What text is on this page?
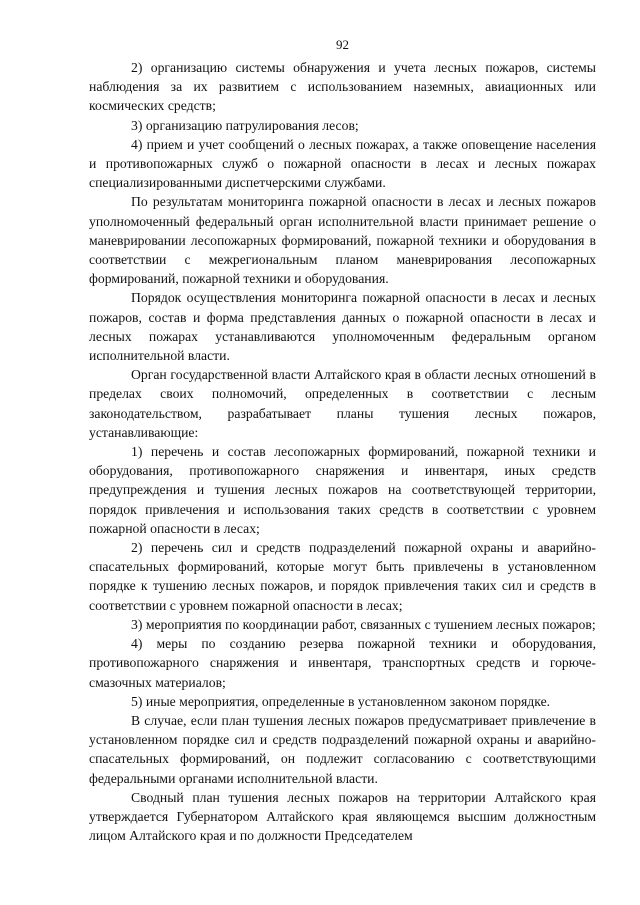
92

2) организацию системы обнаружения и учета лесных пожаров, системы наблюдения за их развитием с использованием наземных, авиационных или космических средств;

3) организацию патрулирования лесов;

4) прием и учет сообщений о лесных пожарах, а также оповещение населения и противопожарных служб о пожарной опасности в лесах и лесных пожарах специализированными диспетчерскими службами.

По результатам мониторинга пожарной опасности в лесах и лесных пожаров уполномоченный федеральный орган исполнительной власти принимает решение о маневрировании лесопожарных формирований, пожарной техники и оборудования в соответствии с межрегиональным планом маневрирования лесопожарных формирований, пожарной техники и оборудования.

Порядок осуществления мониторинга пожарной опасности в лесах и лесных пожаров, состав и форма представления данных о пожарной опасности в лесах и лесных пожарах устанавливаются уполномоченным федеральным органом исполнительной власти.

Орган государственной власти Алтайского края в области лесных отношений в пределах своих полномочий, определенных в соответствии с лесным законодательством, разрабатывает планы тушения лесных пожаров, устанавливающие:

1) перечень и состав лесопожарных формирований, пожарной техники и оборудования, противопожарного снаряжения и инвентаря, иных средств предупреждения и тушения лесных пожаров на соответствующей территории, порядок привлечения и использования таких средств в соответствии с уровнем пожарной опасности в лесах;

2) перечень сил и средств подразделений пожарной охраны и аварийно-спасательных формирований, которые могут быть привлечены в установленном порядке к тушению лесных пожаров, и порядок привлечения таких сил и средств в соответствии с уровнем пожарной опасности в лесах;

3) мероприятия по координации работ, связанных с тушением лесных пожаров;

4) меры по созданию резерва пожарной техники и оборудования, противопожарного снаряжения и инвентаря, транспортных средств и горюче-смазочных материалов;

5) иные мероприятия, определенные в установленном законом порядке.

В случае, если план тушения лесных пожаров предусматривает привлечение в установленном порядке сил и средств подразделений пожарной охраны и аварийно-спасательных формирований, он подлежит согласованию с соответствующими федеральными органами исполнительной власти.

Сводный план тушения лесных пожаров на территории Алтайского края утверждается Губернатором Алтайского края являющемся высшим должностным лицом Алтайского края и по должности Председателем
